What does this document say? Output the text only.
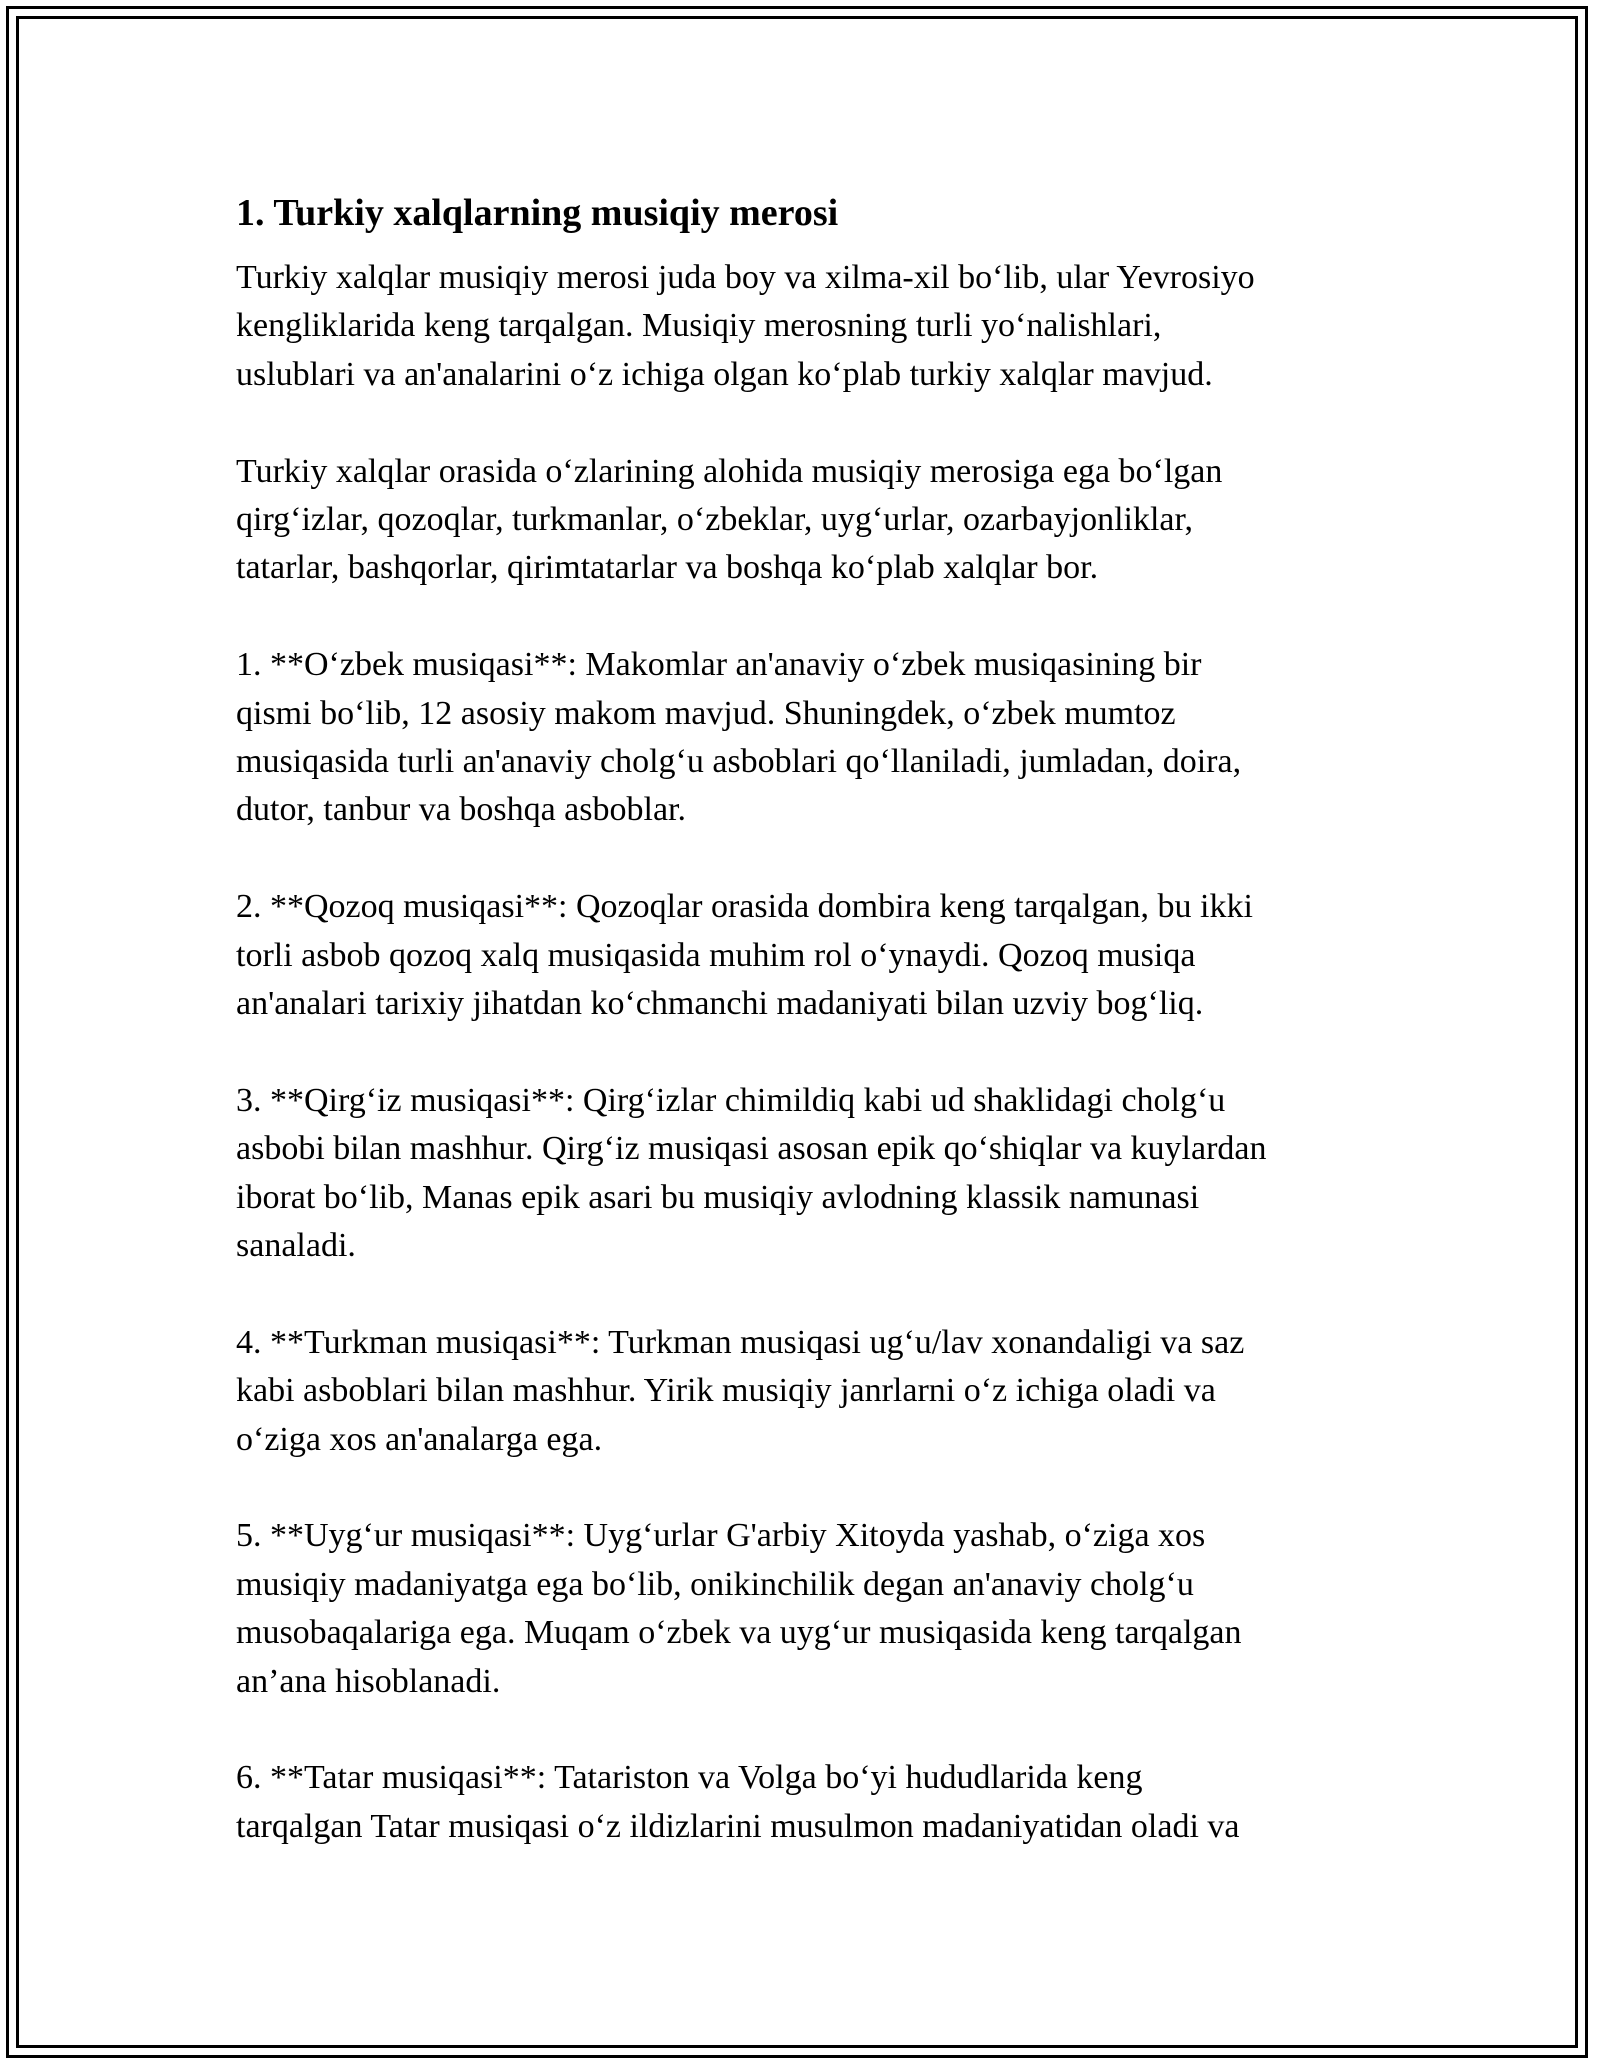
1. Turkiy xalqlarning musiqiy merosi

Turkiy xalqlar musiqiy merosi juda boy va xilma-xil boʻlib, ular Yevrosiyo
kengliklarida keng tarqalgan. Musiqiy merosning turli yoʻnalishlari,
uslublari va an'analarini oʻz ichiga olgan koʻplab turkiy xalqlar mavjud.

Turkiy xalqlar orasida oʻzlarining alohida musiqiy merosiga ega boʻlgan
qirgʻizlar, qozoqlar, turkmanlar, oʻzbeklar, uygʻurlar, ozarbayjonliklar,
tatarlar, bashqorlar, qirimtatarlar va boshqa koʻplab xalqlar bor.

1. **Oʻzbek musiqasi**: Makomlar an'anaviy oʻzbek musiqasining bir
qismi boʻlib, 12 asosiy makom mavjud. Shuningdek, oʻzbek mumtoz
musiqasida turli an'anaviy cholgʻu asboblari qoʻllaniladi, jumladan, doira,
dutor, tanbur va boshqa asboblar.

2. **Qozoq musiqasi**: Qozoqlar orasida dombira keng tarqalgan, bu ikki
torli asbob qozoq xalq musiqasida muhim rol oʻynaydi. Qozoq musiqa
an'analari tarixiy jihatdan koʻchmanchi madaniyati bilan uzviy bogʻliq.

3. **Qirgʻiz musiqasi**: Qirgʻizlar chimildiq kabi ud shaklidagi cholgʻu
asbobi bilan mashhur. Qirgʻiz musiqasi asosan epik qoʻshiqlar va kuylardan
iborat boʻlib, Manas epik asari bu musiqiy avlodning klassik namunasi
sanaladi.

4. **Turkman musiqasi**: Turkman musiqasi ugʻu/lav xonandaligi va saz
kabi asboblari bilan mashhur. Yirik musiqiy janrlarni oʻz ichiga oladi va
oʻziga xos an'analarga ega.

5. **Uygʻur musiqasi**: Uygʻurlar G'arbiy Xitoyda yashab, oʻziga xos
musiqiy madaniyatga ega boʻlib, onikinchilik degan an'anaviy cholgʻu
musobaqalariga ega. Muqam oʻzbek va uygʻur musiqasida keng tarqalgan
an’ana hisoblanadi.

6. **Tatar musiqasi**: Tatariston va Volga boʻyi hududlarida keng
tarqalgan Tatar musiqasi oʻz ildizlarini musulmon madaniyatidan oladi va
